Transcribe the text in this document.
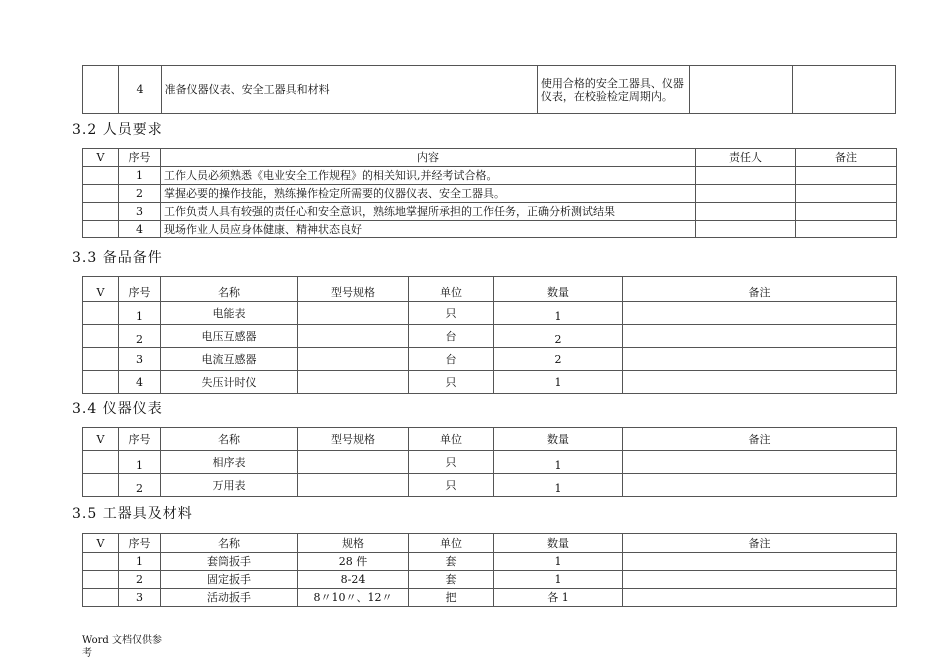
	4	准备仪器仪表、安全工器具和材料	使用合格的安全工器具、仪器仪表，在校验检定周期内。		
3.2 人员要求
V	序号	内容	责任人	备注
	1	工作人员必须熟悉《电业安全工作规程》的相关知识,并经考试合格。		
	2	掌握必要的操作技能，熟练操作检定所需要的仪器仪表、安全工器具。		
	3	工作负责人具有较强的责任心和安全意识，熟练地掌握所承担的工作任务，正确分析测试结果		
	4	现场作业人员应身体健康、精神状态良好		
3.3 备品备件
V	序号	名称	型号规格	单位	数量	备注
	1	电能表		只	1	
	2	电压互感器		台	2	
	3	电流互感器		台	2	
	4	失压计时仪		只	1	
3.4 仪器仪表
V	序号	名称	型号规格	单位	数量	备注
	1	相序表		只	1	
	2	万用表		只	1	
3.5 工器具及材料
V	序号	名称	规格	单位	数量	备注
	1	套筒扳手	28 件	套	1	
	2	固定扳手	8-24	套	1	
	3	活动扳手	8〃10〃、12〃	把	各 1	
Word 文档仅供参
考
